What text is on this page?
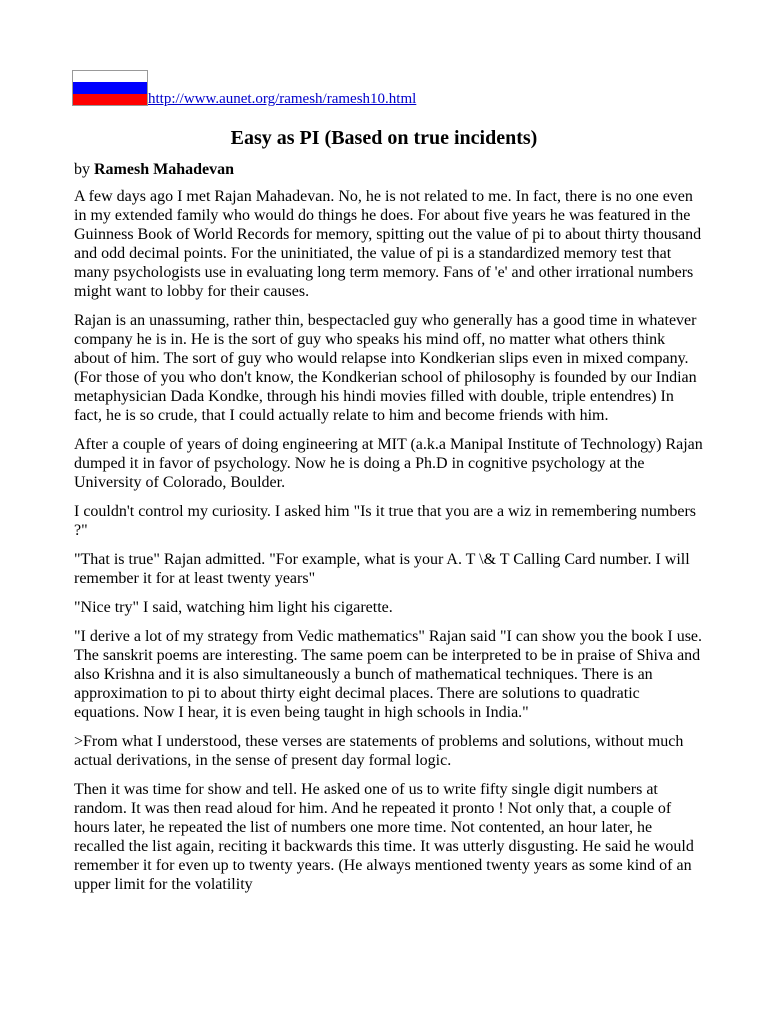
http://www.aunet.org/ramesh/ramesh10.html
Easy as PI (Based on true incidents)

by Ramesh Mahadevan

A few days ago I met Rajan Mahadevan. No, he is not related to me. In fact, there is no one even in my extended family who would do things he does. For about five years he was featured in the Guinness Book of World Records for memory, spitting out the value of pi to about thirty thousand and odd decimal points. For the uninitiated, the value of pi is a standardized memory test that many psychologists use in evaluating long term memory. Fans of 'e' and other irrational numbers might want to lobby for their causes.

Rajan is an unassuming, rather thin, bespectacled guy who generally has a good time in whatever company he is in. He is the sort of guy who speaks his mind off, no matter what others think about of him. The sort of guy who would relapse into Kondkerian slips even in mixed company. (For those of you who don't know, the Kondkerian school of philosophy is founded by our Indian metaphysician Dada Kondke, through his hindi movies filled with double, triple entendres) In fact, he is so crude, that I could actually relate to him and become friends with him.

After a couple of years of doing engineering at MIT (a.k.a Manipal Institute of Technology) Rajan dumped it in favor of psychology. Now he is doing a Ph.D in cognitive psychology at the University of Colorado, Boulder.

I couldn't control my curiosity. I asked him "Is it true that you are a wiz in remembering numbers ?"

"That is true" Rajan admitted. "For example, what is your A. T \& T Calling Card number. I will remember it for at least twenty years"

"Nice try" I said, watching him light his cigarette.

"I derive a lot of my strategy from Vedic mathematics" Rajan said "I can show you the book I use. The sanskrit poems are interesting. The same poem can be interpreted to be in praise of Shiva and also Krishna and it is also simultaneously a bunch of mathematical techniques. There is an approximation to pi to about thirty eight decimal places. There are solutions to quadratic equations. Now I hear, it is even being taught in high schools in India."

>From what I understood, these verses are statements of problems and solutions, without much actual derivations, in the sense of present day formal logic.

Then it was time for show and tell. He asked one of us to write fifty single digit numbers at random. It was then read aloud for him. And he repeated it pronto ! Not only that, a couple of hours later, he repeated the list of numbers one more time. Not contented, an hour later, he recalled the list again, reciting it backwards this time. It was utterly disgusting. He said he would remember it for even up to twenty years. (He always mentioned twenty years as some kind of an upper limit for the volatility
